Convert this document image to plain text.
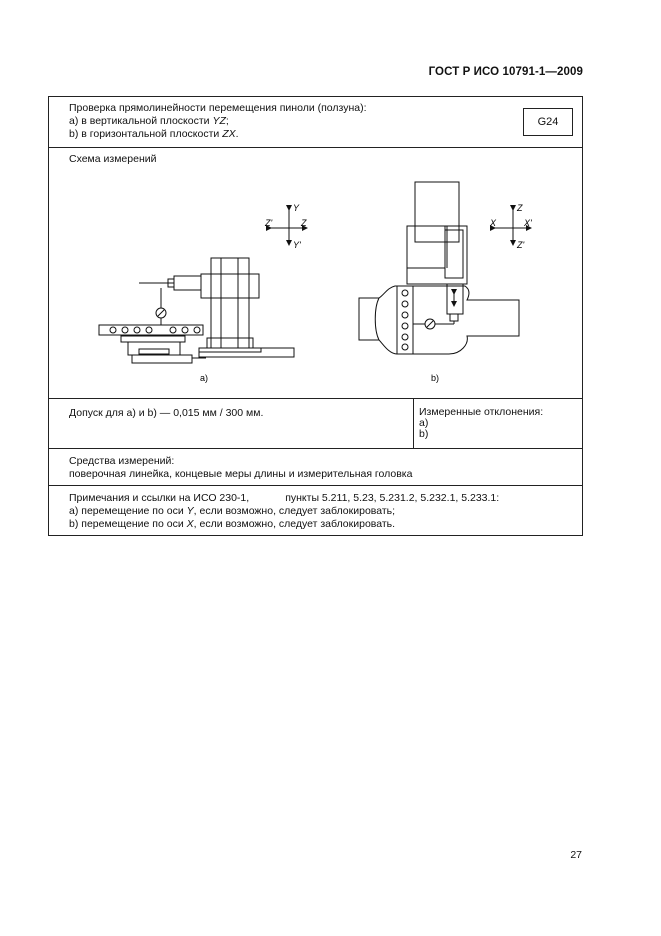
ГОСТ Р ИСО 10791-1—2009
Проверка прямолинейности перемещения пиноли (ползуна):
а) в вертикальной плоскости YZ;
b) в горизонтальной плоскости ZX.
G24
Схема измерений
Y
Z'	Z
Y'
a)
Z
X	X'
Z'
b)
Допуск для а) и b) — 0,015 мм / 300 мм.	Измеренные отклонения:
а)
b)
Средства измерений:
поверочная линейка, концевые меры длины и измерительная головка
Примечания и ссылки на ИСО 230-1,	пункты 5.211, 5.23, 5.231.2, 5.232.1, 5.233.1:
а) перемещение по оси Y, если возможно, следует заблокировать;
b) перемещение по оси X, если возможно, следует заблокировать.
27
